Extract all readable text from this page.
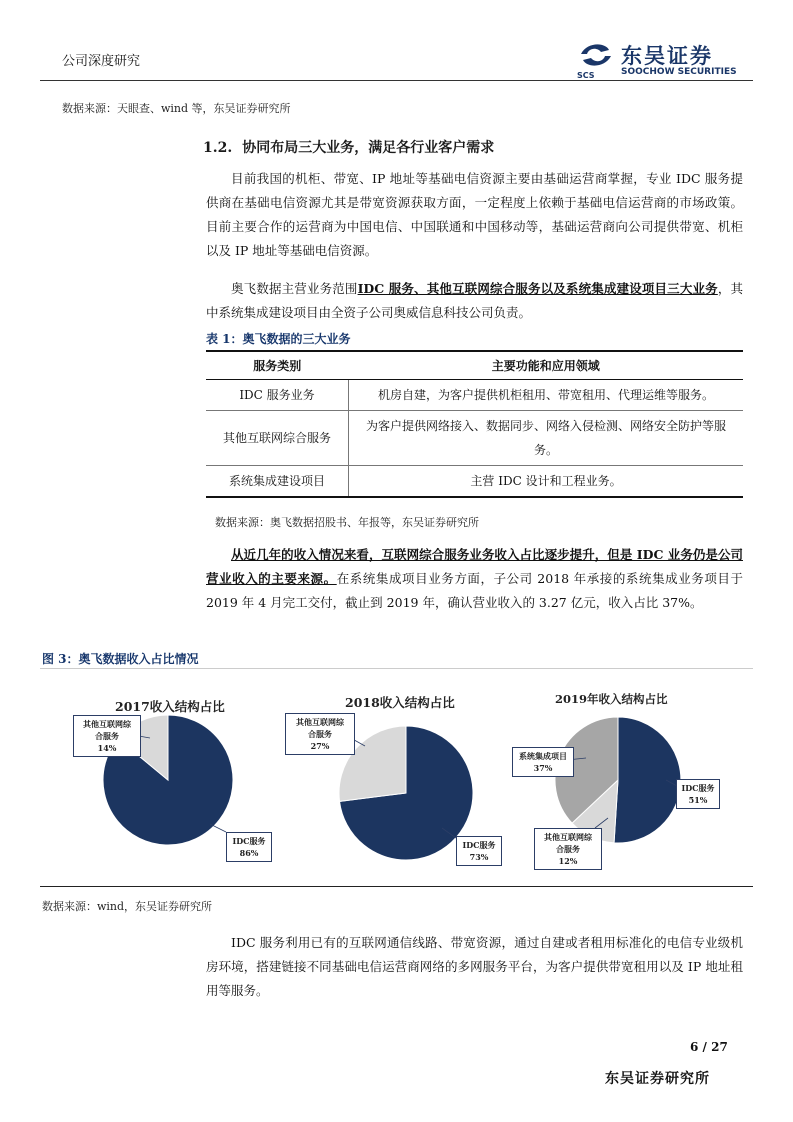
公司深度研究
SCS
东吴证券
SOOCHOW SECURITIES
数据来源：天眼查、wind 等，东吴证券研究所
1.2. 协同布局三大业务，满足各行业客户需求
目前我国的机柜、带宽、IP 地址等基础电信资源主要由基础运营商掌握，专业 IDC 服务提供商在基础电信资源尤其是带宽资源获取方面，一定程度上依赖于基础电信运营商的市场政策。目前主要合作的运营商为中国电信、中国联通和中国移动等，基础运营商向公司提供带宽、机柜以及 IP 地址等基础电信资源。
奥飞数据主营业务范围IDC 服务、其他互联网综合服务以及系统集成建设项目三大业务，其中系统集成建设项目由全资子公司奥威信息科技公司负责。
表 1：奥飞数据的三大业务
服务类别	主要功能和应用领域
IDC 服务业务	机房自建，为客户提供机柜租用、带宽租用、代理运维等服务。
其他互联网综合服务	为客户提供网络接入、数据同步、网络入侵检测、网络安全防护等服务。
系统集成建设项目	主营 IDC 设计和工程业务。
数据来源：奥飞数据招股书、年报等，东吴证券研究所
从近几年的收入情况来看，互联网综合服务业务收入占比逐步提升，但是 IDC 业务仍是公司营业收入的主要来源。在系统集成项目业务方面，子公司 2018 年承接的系统集成业务项目于 2019 年 4 月完工交付，截止到 2019 年，确认营业收入的 3.27 亿元，收入占比 37%。
图 3：奥飞数据收入占比情况
2017收入结构占比	2018收入结构占比	2019年收入结构占比
其他互联网综
合服务
14%
IDC服务
86%
其他互联网综
合服务
27%
IDC服务
73%
系统集成项目
37%
IDC服务
51%
其他互联网综
合服务
12%
数据来源：wind，东吴证券研究所
IDC 服务利用已有的互联网通信线路、带宽资源，通过自建或者租用标准化的电信专业级机房环境，搭建链接不同基础电信运营商网络的多网服务平台，为客户提供带宽租用以及 IP 地址租用等服务。
6 / 27
东吴证券研究所
